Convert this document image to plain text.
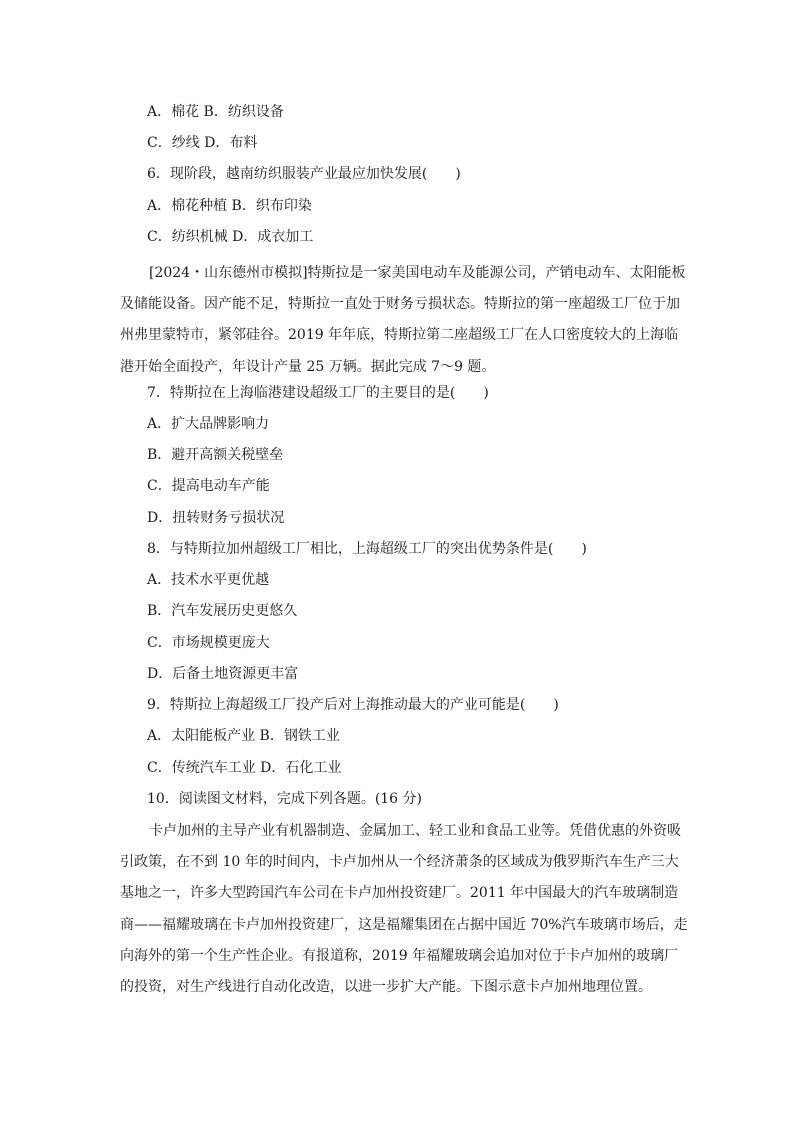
A．棉花 B．纺织设备
C．纱线 D．布料
6．现阶段，越南纺织服装产业最应加快发展(　　)
A．棉花种植 B．织布印染
C．纺织机械 D．成衣加工
[2024・山东德州市模拟]特斯拉是一家美国电动车及能源公司，产销电动车、太阳能板
及储能设备。因产能不足，特斯拉一直处于财务亏损状态。特斯拉的第一座超级工厂位于加
州弗里蒙特市，紧邻硅谷。2019 年年底，特斯拉第二座超级工厂在人口密度较大的上海临
港开始全面投产，年设计产量 25 万辆。据此完成 7～9 题。
7．特斯拉在上海临港建设超级工厂的主要目的是(　　)
A．扩大品牌影响力
B．避开高额关税壁垒
C．提高电动车产能
D．扭转财务亏损状况
8．与特斯拉加州超级工厂相比，上海超级工厂的突出优势条件是(　　)
A．技术水平更优越
B．汽车发展历史更悠久
C．市场规模更庞大
D．后备土地资源更丰富
9．特斯拉上海超级工厂投产后对上海推动最大的产业可能是(　　)
A．太阳能板产业 B．钢铁工业
C．传统汽车工业 D．石化工业
10．阅读图文材料，完成下列各题。(16 分)
卡卢加州的主导产业有机器制造、金属加工、轻工业和食品工业等。凭借优惠的外资吸
引政策，在不到 10 年的时间内，卡卢加州从一个经济萧条的区域成为俄罗斯汽车生产三大
基地之一，许多大型跨国汽车公司在卡卢加州投资建厂。2011 年中国最大的汽车玻璃制造
商——福耀玻璃在卡卢加州投资建厂，这是福耀集团在占据中国近 70%汽车玻璃市场后，走
向海外的第一个生产性企业。有报道称，2019 年福耀玻璃会追加对位于卡卢加州的玻璃厂
的投资，对生产线进行自动化改造，以进一步扩大产能。下图示意卡卢加州地理位置。
